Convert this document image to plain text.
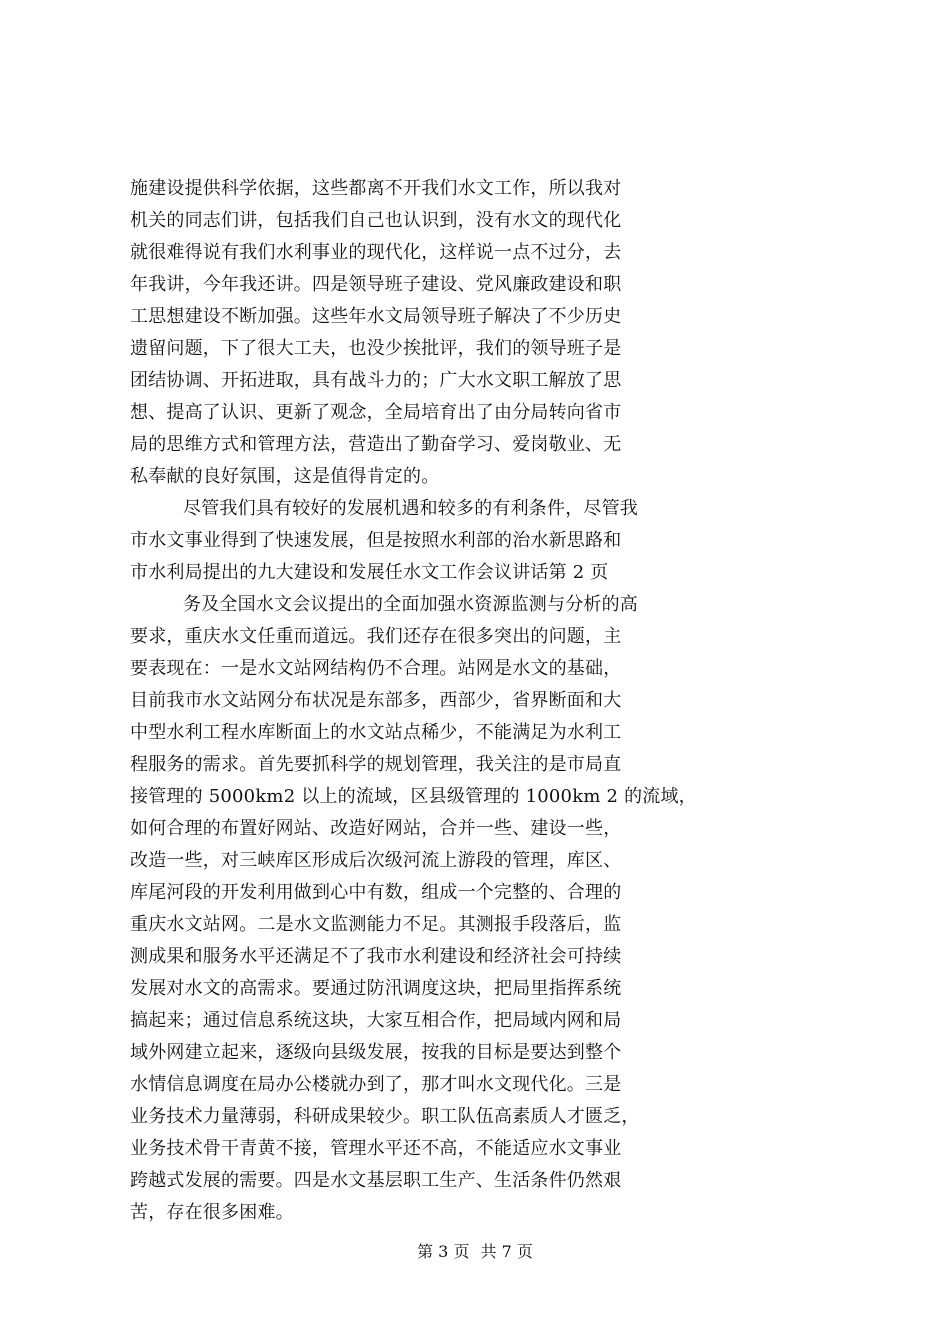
施建设提供科学依据，这些都离不开我们水文工作，所以我对
机关的同志们讲，包括我们自己也认识到，没有水文的现代化
就很难得说有我们水利事业的现代化，这样说一点不过分，去
年我讲，今年我还讲。四是领导班子建设、党风廉政建设和职
工思想建设不断加强。这些年水文局领导班子解决了不少历史
遗留问题，下了很大工夫，也没少挨批评，我们的领导班子是
团结协调、开拓进取，具有战斗力的；广大水文职工解放了思
想、提高了认识、更新了观念，全局培育出了由分局转向省市
局的思维方式和管理方法，营造出了勤奋学习、爱岗敬业、无
私奉献的良好氛围，这是值得肯定的。
尽管我们具有较好的发展机遇和较多的有利条件，尽管我
市水文事业得到了快速发展，但是按照水利部的治水新思路和
市水利局提出的九大建设和发展任水文工作会议讲话第 2 页
务及全国水文会议提出的全面加强水资源监测与分析的高
要求，重庆水文任重而道远。我们还存在很多突出的问题，主
要表现在：一是水文站网结构仍不合理。站网是水文的基础，
目前我市水文站网分布状况是东部多，西部少，省界断面和大
中型水利工程水库断面上的水文站点稀少，不能满足为水利工
程服务的需求。首先要抓科学的规划管理，我关注的是市局直
接管理的 5000km2 以上的流域，区县级管理的 1000km 2 的流域，
如何合理的布置好网站、改造好网站，合并一些、建设一些，
改造一些，对三峡库区形成后次级河流上游段的管理，库区、
库尾河段的开发利用做到心中有数，组成一个完整的、合理的
重庆水文站网。二是水文监测能力不足。其测报手段落后，监
测成果和服务水平还满足不了我市水利建设和经济社会可持续
发展对水文的高需求。要通过防汛调度这块，把局里指挥系统
搞起来；通过信息系统这块，大家互相合作，把局域内网和局
域外网建立起来，逐级向县级发展，按我的目标是要达到整个
水情信息调度在局办公楼就办到了，那才叫水文现代化。三是
业务技术力量薄弱，科研成果较少。职工队伍高素质人才匮乏，
业务技术骨干青黄不接，管理水平还不高，不能适应水文事业
跨越式发展的需要。四是水文基层职工生产、生活条件仍然艰
苦，存在很多困难。
第 3 页 共 7 页
